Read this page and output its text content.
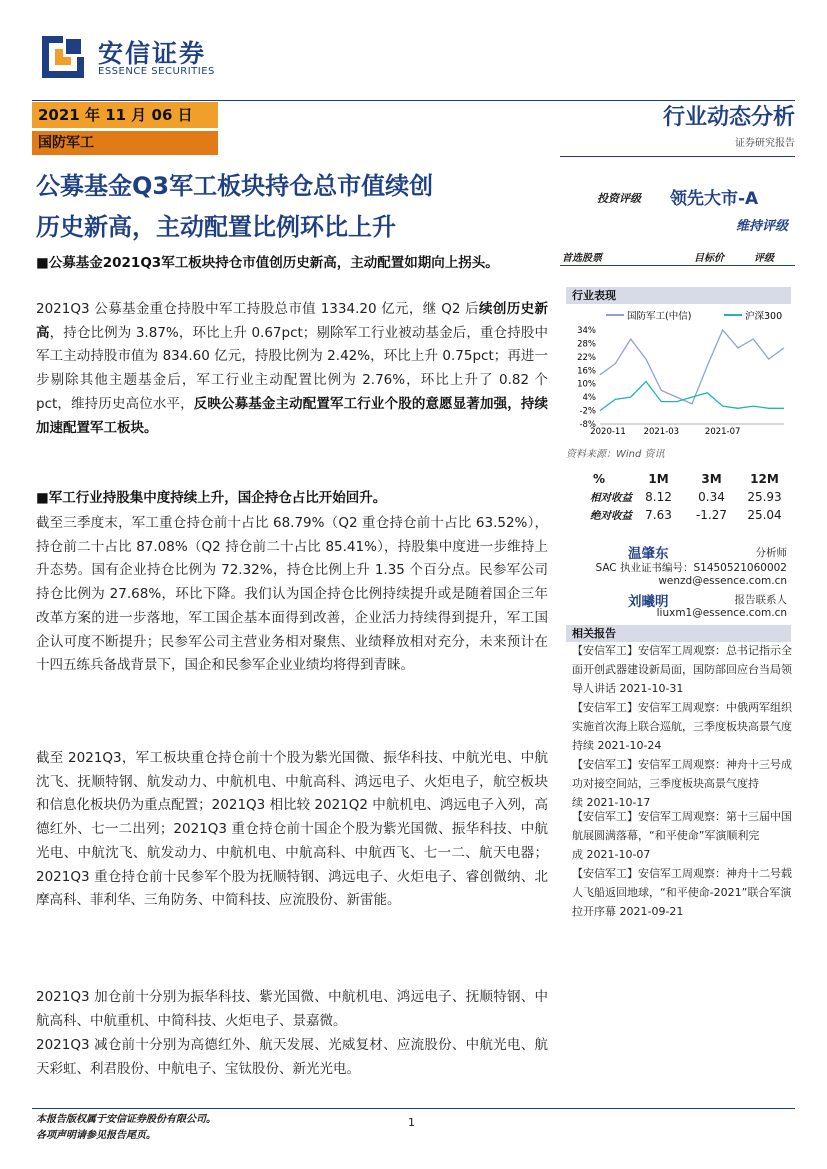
安信证券
ESSENCE SECURITIES
2021 年 11 月 06 日
国防军工
行业动态分析
证券研究报告
公募基金Q3军工板块持仓总市值续创
历史新高，主动配置比例环比上升
投资评级 领先大市-A
维持评级
首选股票	目标价	评级
■公募基金2021Q3军工板块持仓市值创历史新高，主动配置如期向上拐头。
2021Q3 公募基金重仓持股中军工持股总市值 1334.20 亿元，继 Q2 后续创历史新高，持仓比例为 3.87%，环比上升 0.67pct；剔除军工行业被动基金后，重仓持股中军工主动持股市值为 834.60 亿元，持股比例为 2.42%，环比上升 0.75pct；再进一步剔除其他主题基金后，军工行业主动配置比例为 2.76%，环比上升了 0.82 个 pct，维持历史高位水平，反映公募基金主动配置军工行业个股的意愿显著加强，持续加速配置军工板块。
■军工行业持股集中度持续上升，国企持仓占比开始回升。
截至三季度末，军工重仓持仓前十占比 68.79%（Q2 重仓持仓前十占比 63.52%），持仓前二十占比 87.08%（Q2 持仓前二十占比 85.41%），持股集中度进一步维持上升态势。国有企业持仓比例为 72.32%，持仓比例上升 1.35 个百分点。民参军公司持仓比例为 27.68%，环比下降。我们认为国企持仓比例持续提升或是随着国企三年改革方案的进一步落地，军工国企基本面得到改善，企业活力持续得到提升，军工国企认可度不断提升；民参军公司主营业务相对聚焦、业绩释放相对充分，未来预计在十四五练兵备战背景下，国企和民参军企业业绩均将得到青睐。
截至 2021Q3，军工板块重仓持仓前十个股为紫光国微、振华科技、中航光电、中航沈飞、抚顺特钢、航发动力、中航机电、中航高科、鸿远电子、火炬电子，航空板块和信息化板块仍为重点配置；2021Q3 相比较 2021Q2 中航机电、鸿远电子入列，高德红外、七一二出列；2021Q3 重仓持仓前十国企个股为紫光国微、振华科技、中航光电、中航沈飞、航发动力、中航机电、中航高科、中航西飞、七一二、航天电器；2021Q3 重仓持仓前十民参军个股为抚顺特钢、鸿远电子、火炬电子、睿创微纳、北摩高科、菲利华、三角防务、中简科技、应流股份、新雷能。
2021Q3 加仓前十分别为振华科技、紫光国微、中航机电、鸿远电子、抚顺特钢、中航高科、中航重机、中简科技、火炬电子、景嘉微。
2021Q3 减仓前十分别为高德红外、航天发展、光威复材、应流股份、中航光电、航天彩虹、利君股份、中航电子、宝钛股份、新光光电。
行业表现
34%
28%
22%
16%
10%
4%
-2%
-8%
2020-11 2021-03	2021-07
国防军工(中信)	沪深300
资料来源：Wind 资讯
%	1M	3M	12M
相对收益	8.12	0.34	25.93
绝对收益	7.63	-1.27	25.04
温肇东	分析师
SAC 执业证书编号：S1450521060002
wenzd@essence.com.cn
刘曦明	报告联系人
liuxm1@essence.com.cn
相关报告
【安信军工】安信军工周观察：总书记指示全面开创武器建设新局面，国防部回应台当局领导人讲话 2021-10-31
【安信军工】安信军工周观察：中俄两军组织实施首次海上联合巡航，三季度板块高景气度持续 2021-10-24
【安信军工】安信军工周观察：神舟十三号成功对接空间站，三季度板块高景气度持续 2021-10-17
【安信军工】安信军工周观察：第十三届中国航展圆满落幕，“和平使命”军演顺利完成 2021-10-07
【安信军工】安信军工周观察：神舟十二号载人飞船返回地球，“和平使命-2021”联合军演拉开序幕 2021-09-21
本报告版权属于安信证券股份有限公司。
各项声明请参见报告尾页。
1
